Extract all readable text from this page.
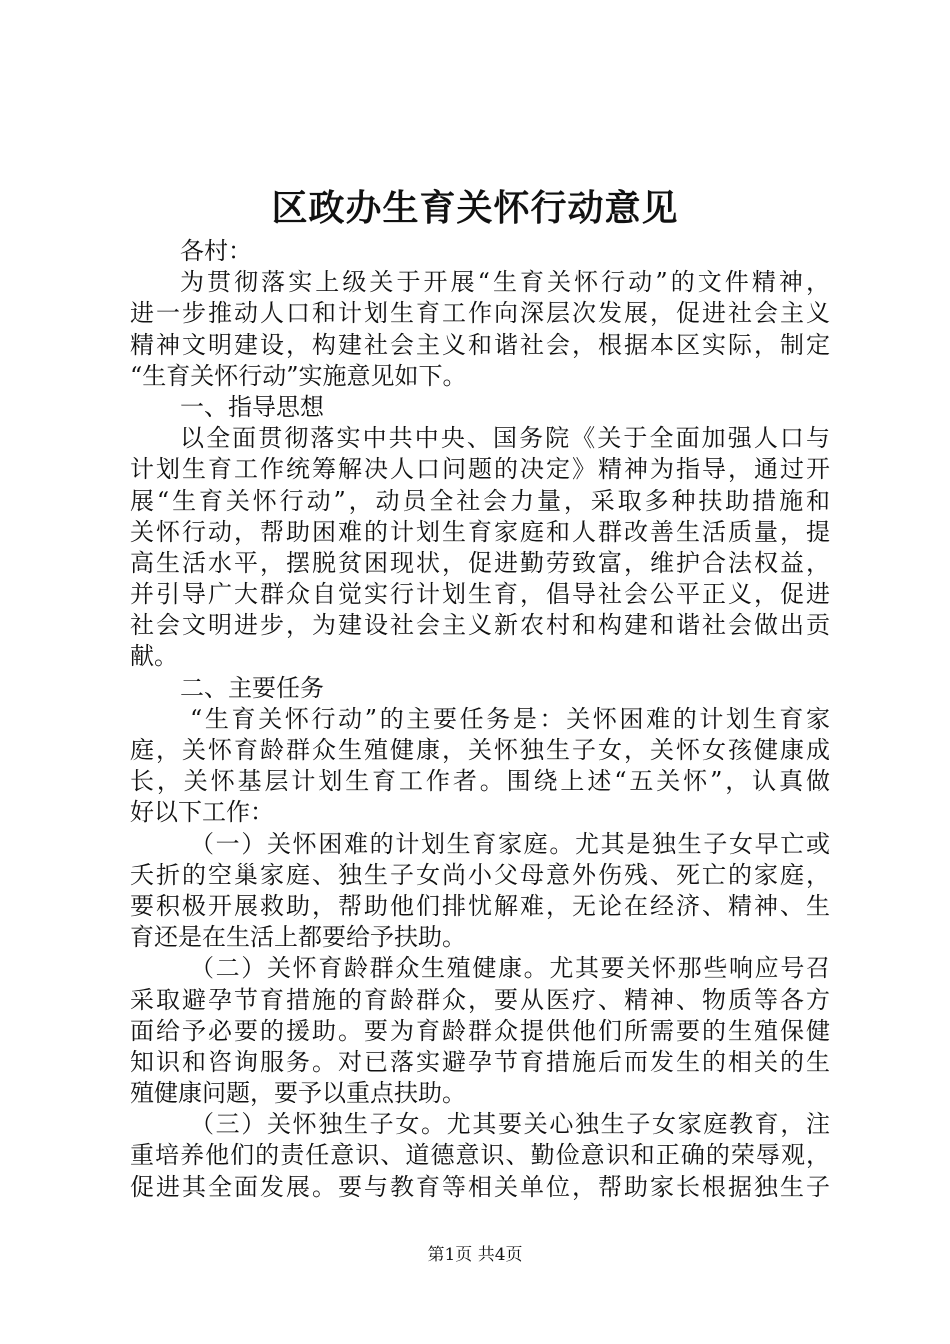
区政办生育关怀行动意见
各村：
为贯彻落实上级关于开展“生育关怀行动”的文件精神，
进一步推动人口和计划生育工作向深层次发展，促进社会主义
精神文明建设，构建社会主义和谐社会，根据本区实际，制定
“生育关怀行动”实施意见如下。
一、指导思想
以全面贯彻落实中共中央、国务院《关于全面加强人口与
计划生育工作统筹解决人口问题的决定》精神为指导，通过开
展“生育关怀行动”，动员全社会力量，采取多种扶助措施和
关怀行动，帮助困难的计划生育家庭和人群改善生活质量，提
高生活水平，摆脱贫困现状，促进勤劳致富，维护合法权益，
并引导广大群众自觉实行计划生育，倡导社会公平正义，促进
社会文明进步，为建设社会主义新农村和构建和谐社会做出贡
献。
二、主要任务
“生育关怀行动”的主要任务是：关怀困难的计划生育家
庭，关怀育龄群众生殖健康，关怀独生子女，关怀女孩健康成
长，关怀基层计划生育工作者。围绕上述“五关怀”，认真做
好以下工作：
（一）关怀困难的计划生育家庭。尤其是独生子女早亡或
夭折的空巢家庭、独生子女尚小父母意外伤残、死亡的家庭，
要积极开展救助，帮助他们排忧解难，无论在经济、精神、生
育还是在生活上都要给予扶助。
（二）关怀育龄群众生殖健康。尤其要关怀那些响应号召
采取避孕节育措施的育龄群众，要从医疗、精神、物质等各方
面给予必要的援助。要为育龄群众提供他们所需要的生殖保健
知识和咨询服务。对已落实避孕节育措施后而发生的相关的生
殖健康问题，要予以重点扶助。
（三）关怀独生子女。尤其要关心独生子女家庭教育，注
重培养他们的责任意识、道德意识、勤俭意识和正确的荣辱观，
促进其全面发展。要与教育等相关单位，帮助家长根据独生子
第1页 共4页
